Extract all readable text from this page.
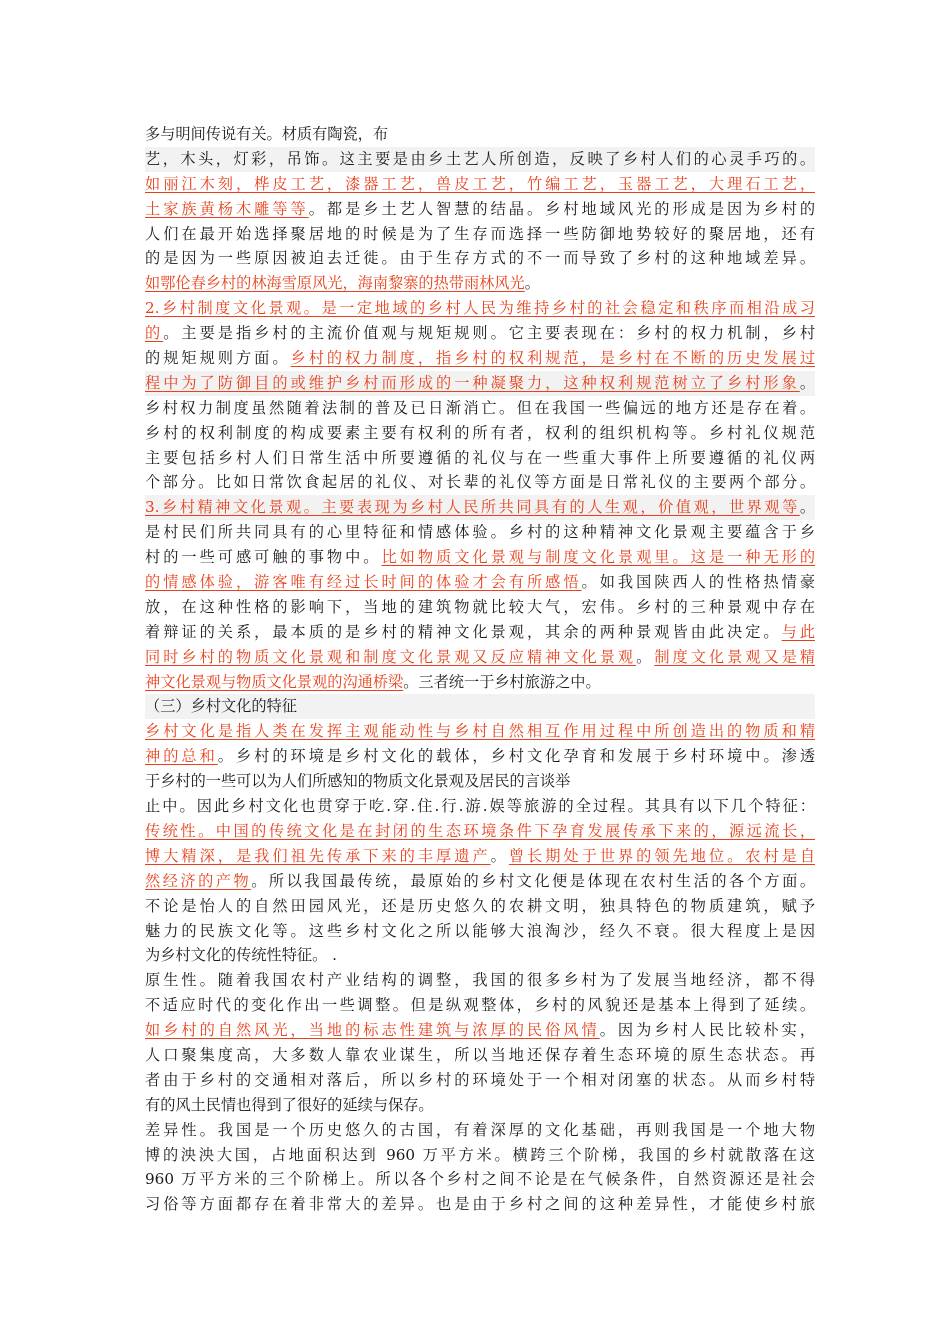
多与明间传说有关。材质有陶瓷，布
艺，木头，灯彩，吊饰。这主要是由乡土艺人所创造，反映了乡村人们的心灵手巧的。
如丽江木刻，桦皮工艺，漆器工艺，兽皮工艺，竹编工艺，玉器工艺，大理石工艺，
土家族黄杨木雕等等。都是乡土艺人智慧的结晶。乡村地域风光的形成是因为乡村的
人们在最开始选择聚居地的时候是为了生存而选择一些防御地势较好的聚居地，还有
的是因为一些原因被迫去迁徙。由于生存方式的不一而导致了乡村的这种地域差异。
如鄂伦春乡村的林海雪原风光，海南黎寨的热带雨林风光。
2.乡村制度文化景观。是一定地域的乡村人民为维持乡村的社会稳定和秩序而相沿成习
的。主要是指乡村的主流价值观与规矩规则。它主要表现在：乡村的权力机制，乡村
的规矩规则方面。乡村的权力制度，指乡村的权利规范，是乡村在不断的历史发展过
程中为了防御目的或维护乡村而形成的一种凝聚力，这种权利规范树立了乡村形象。
乡村权力制度虽然随着法制的普及已日渐消亡。但在我国一些偏远的地方还是存在着。
乡村的权利制度的构成要素主要有权利的所有者，权利的组织机构等。乡村礼仪规范
主要包括乡村人们日常生活中所要遵循的礼仪与在一些重大事件上所要遵循的礼仪两
个部分。比如日常饮食起居的礼仪、对长辈的礼仪等方面是日常礼仪的主要两个部分。
3.乡村精神文化景观。主要表现为乡村人民所共同具有的人生观，价值观，世界观等。
是村民们所共同具有的心里特征和情感体验。乡村的这种精神文化景观主要蕴含于乡
村的一些可感可触的事物中。比如物质文化景观与制度文化景观里。这是一种无形的
的情感体验，游客唯有经过长时间的体验才会有所感悟。如我国陕西人的性格热情豪
放，在这种性格的影响下，当地的建筑物就比较大气，宏伟。乡村的三种景观中存在
着辩证的关系，最本质的是乡村的精神文化景观，其余的两种景观皆由此决定。与此
同时乡村的物质文化景观和制度文化景观又反应精神文化景观。制度文化景观又是精
神文化景观与物质文化景观的沟通桥梁。三者统一于乡村旅游之中。
（三）乡村文化的特征
乡村文化是指人类在发挥主观能动性与乡村自然相互作用过程中所创造出的物质和精
神的总和。乡村的环境是乡村文化的载体，乡村文化孕育和发展于乡村环境中。渗透
于乡村的一些可以为人们所感知的物质文化景观及居民的言谈举
止中。因此乡村文化也贯穿于吃.穿.住.行.游.娱等旅游的全过程。其具有以下几个特征：
传统性。中国的传统文化是在封闭的生态环境条件下孕育发展传承下来的，源远流长，
博大精深，是我们祖先传承下来的丰厚遗产。曾长期处于世界的领先地位。农村是自
然经济的产物。所以我国最传统，最原始的乡村文化便是体现在农村生活的各个方面。
不论是怡人的自然田园风光，还是历史悠久的农耕文明，独具特色的物质建筑，赋予
魅力的民族文化等。这些乡村文化之所以能够大浪淘沙，经久不衰。很大程度上是因
为乡村文化的传统性特征。 .
原生性。随着我国农村产业结构的调整，我国的很多乡村为了发展当地经济，都不得
不适应时代的变化作出一些调整。但是纵观整体，乡村的风貌还是基本上得到了延续。
如乡村的自然风光，当地的标志性建筑与浓厚的民俗风情。因为乡村人民比较朴实，
人口聚集度高，大多数人靠农业谋生，所以当地还保存着生态环境的原生态状态。再
者由于乡村的交通相对落后，所以乡村的环境处于一个相对闭塞的状态。从而乡村特
有的风土民情也得到了很好的延续与保存。
差异性。我国是一个历史悠久的古国，有着深厚的文化基础，再则我国是一个地大物
博的泱泱大国，占地面积达到 960 万平方米。横跨三个阶梯，我国的乡村就散落在这
960 万平方米的三个阶梯上。所以各个乡村之间不论是在气候条件，自然资源还是社会
习俗等方面都存在着非常大的差异。也是由于乡村之间的这种差异性，才能使乡村旅
